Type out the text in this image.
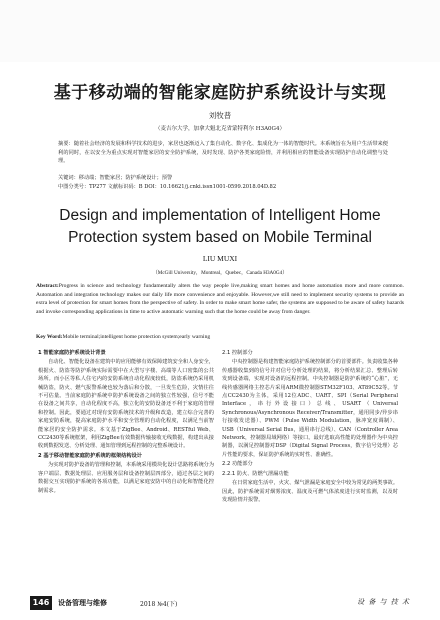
基于移动端的智能家庭防护系统设计与实现
刘牧普
（麦吉尔大学，加拿大魁北克省蒙特利尔 H3A0G4）
摘要：随着社会经济的发展和科学技术的进步，家居也逐渐迈入了集自动化、数字化、集成化为一体的智能时代。本系统旨在为用户生活带来便利的同时，在以安全为重点实现对智能家居的安全防护系统，及时发现、防护各类家庭险情，并利用相应的智能设备实现防护自动化调整与处理。
关键词：移动端；智能家居；防护系统设计；预警
中图分类号：TP277 文献标识码：B DOI：10.16621/j.cnki.issn1001-0599.2018.04D.82
Design and implementation of Intelligent Home
Protection system based on Mobile Terminal
LIU MUXI
（McGill University，Montreal，Quebec，Canada H3A0G4）
Abstract:Progress in science and technology fundamentally alters the way people live,making smart homes and home automation more and more common. Automation and integration technology makes our daily life more convenience and enjoyable. However,we still need to implement security systems to provide an extra level of protection for smart homes from the perspective of safety. In order to make smart home safer, the systems are supposed to be aware of safety hazards and invoke corresponding applications in time to active automatic warning such that the home could be away from danger.
Key Word:Mobile terminal;intelligent home protection system;early warning

1 智能家庭防护系统设计背景

自动化、智能化设备在建筑中的应用能够有效保障建筑安全和人身安全，根据火、防盗等防护系统实际需要中在大型写字楼、高端等人口密集的公共场所。而小区等私人住宅内的安防系统自动化程度较低，防盗系统仍采用机械防盗，防火、燃气报警系统也较为落后和分散，一旦发生危险，灾情往往不可估量。当前家庭防护系统中防护系统设备之间的独立性较强，信号不能在设备之间共享，自动化程度不高，独立化的安防设备还不利于家庭的管理和控制。因此，要通过对现有安防系统技术的升级和改造，建立综合完善的家庭安防系统，提高家庭防护水平和安全管理的自动化程度，以满足当前智能家居的安全防护需求。本文基于ZigBee、Android、RESTful Web、CC2430等系统框架，利用ZigBee有效数据传输接收无线数据，构建出从接收到数据发送、分析处理、通知管理到远程控制的完整系统设计。

2 基于移动智能家庭防护系统的框架结构设计

为实现对防护设备的管理和控制，本系统采用模块化设计思路将系统分为客户端层、数据处理层、应用服务层和设备控制层四部分，通过各层之间的数据交互实现防护系统的各项功能，以满足家庭安防中的自动化和智能化控制需求。

2.1 控制部分

中央控制器是构建智能家庭防护系统控制部分的首要部件。负责收集各种传感器收集到的信号并对信号分析处理的结果，将分析结果汇总、整理后转发到设备端，实现对设备的远程控制。中央控制器是防护系统的“心脏”，无线传感器网络主控芯片采用ARM微控制器STM32F103、AT89C52等。节点CC2430为主体，采用12位ADC、UART、SPI（Serial Peripheral Interface，串行外设接口）总线、USART（Universal Synchronous/Asynchronous Receiver/Transmitter，通用同步/异步串行接收发送器）、PWM（Pulse Width Modulation，脉冲宽度调制）、USB（Universal Serial Bus，通用串行总线）、CAN（Controller Area Network，控制器局域网络）等接口。最好选取高性能的处理器作为中央控制器，以满足控制器对DSP（Digital Signal Process，数字信号处理）芯片性能的要求，保证防护系统的实时性、准确性。

2.2 功能部分

2.2.1 防火、防燃气泄漏功能

在日常家庭生活中，火灾、煤气泄漏是家庭安全中较为常见的两类事故。因此，防护系统需对烟雾浓度、温度及可燃气体浓度进行实时监测，以及时发现险情并报警。

146	设备管理与维修	2018 №4(下)	设 备 与 技 术
